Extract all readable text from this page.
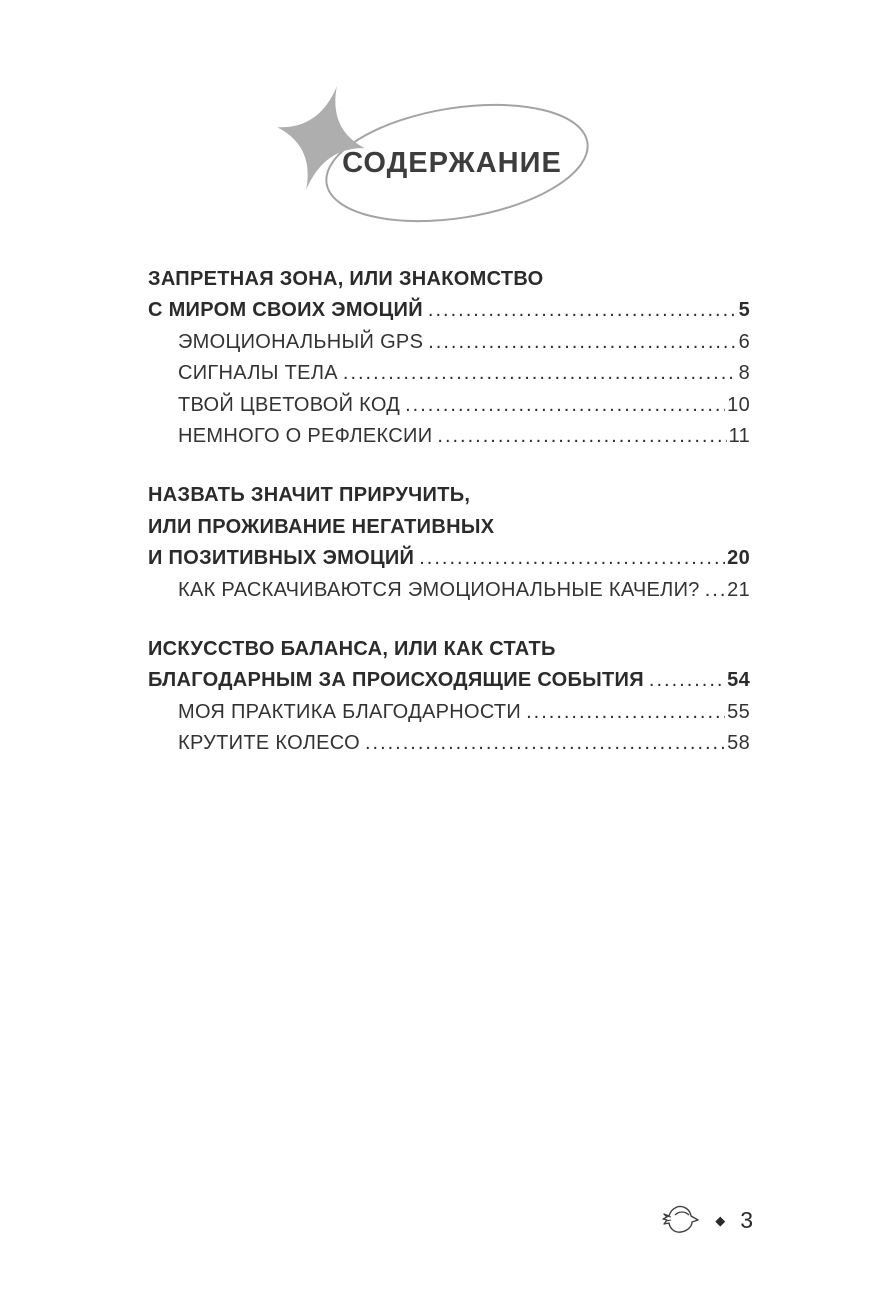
СОДЕРЖАНИЕ
ЗАПРЕТНАЯ ЗОНА, ИЛИ ЗНАКОМСТВО
С МИРОМ СВОИХ ЭМОЦИЙ .....	5
ЭМОЦИОНАЛЬНЫЙ GPS .....	6
СИГНАЛЫ ТЕЛА .....	8
ТВОЙ ЦВЕТОВОЙ КОД .....	10
НЕМНОГО О РЕФЛЕКСИИ .....	11
НАЗВАТЬ ЗНАЧИТ ПРИРУЧИТЬ,
ИЛИ ПРОЖИВАНИЕ НЕГАТИВНЫХ
И ПОЗИТИВНЫХ ЭМОЦИЙ .....	20
КАК РАСКАЧИВАЮТСЯ ЭМОЦИОНАЛЬНЫЕ КАЧЕЛИ? ..... 21
ИСКУССТВО БАЛАНСА, ИЛИ КАК СТАТЬ
БЛАГОДАРНЫМ ЗА ПРОИСХОДЯЩИЕ СОБЫТИЯ .....	54
МОЯ ПРАКТИКА БЛАГОДАРНОСТИ .....	55
КРУТИТЕ КОЛЕСО .....	58
◆ 3
